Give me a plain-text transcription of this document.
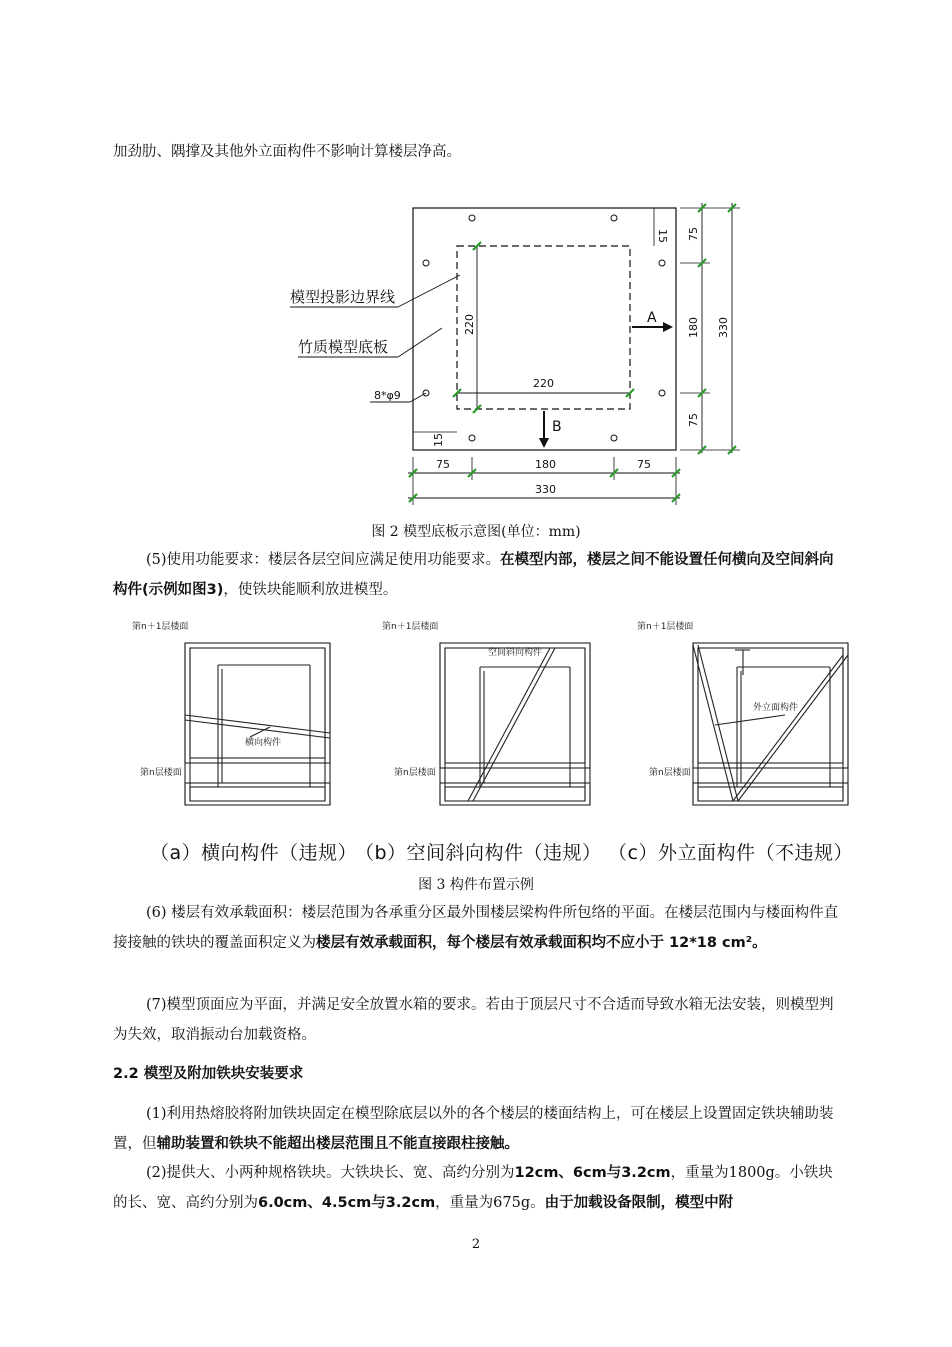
加劲肋、隅撑及其他外立面构件不影响计算楼层净高。

220
220
模型投影边界线
竹质模型底板
8*φ9
A
B
15
15
75
180
75
330
75	180	75
330
图 2 模型底板示意图(单位：mm)

(5)使用功能要求：楼层各层空间应满足使用功能要求。在模型内部，楼层之间不能设置任何横向及空间斜向构件(示例如图3)，使铁块能顺利放进模型。

第n＋1层楼面
横向构件
第n层楼面
第n＋1层楼面
空间斜向构件
第n层楼面
第n＋1层楼面
外立面构件
第n层楼面
（a）横向构件（违规）
（b）空间斜向构件（违规） （c）外立面构件（不违规）
图 3 构件布置示例

(6) 楼层有效承载面积：楼层范围为各承重分区最外围楼层梁构件所包络的平面。在楼层范围内与楼面构件直接接触的铁块的覆盖面积定义为楼层有效承载面积，每个楼层有效承载面积均不应小于 12*18 cm²。

(7)模型顶面应为平面，并满足安全放置水箱的要求。若由于顶层尺寸不合适而导致水箱无法安装，则模型判为失效，取消振动台加载资格。

2.2 模型及附加铁块安装要求

(1)利用热熔胶将附加铁块固定在模型除底层以外的各个楼层的楼面结构上，可在楼层上设置固定铁块辅助装置，但辅助装置和铁块不能超出楼层范围且不能直接跟柱接触。

(2)提供大、小两种规格铁块。大铁块长、宽、高约分别为12cm、6cm与3.2cm，重量为1800g。小铁块的长、宽、高约分别为6.0cm、4.5cm与3.2cm，重量为675g。由于加载设备限制，模型中附

2
